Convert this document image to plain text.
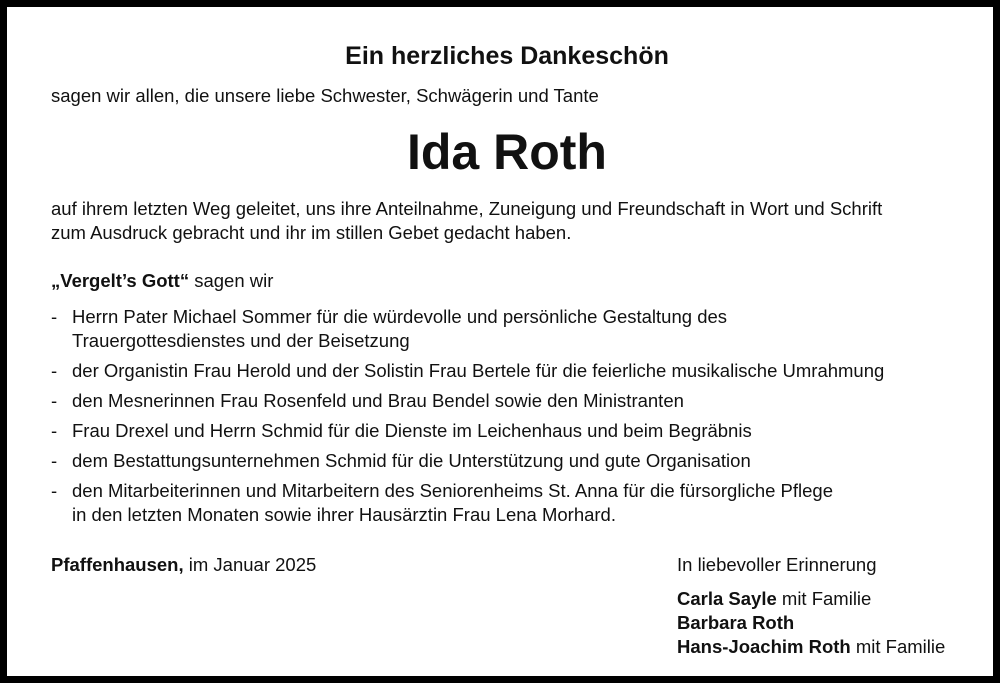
Ein herzliches Dankeschön
sagen wir allen, die unsere liebe Schwester, Schwägerin und Tante
Ida Roth
auf ihrem letzten Weg geleitet, uns ihre Anteilnahme, Zuneigung und Freundschaft in Wort und Schrift
zum Ausdruck gebracht und ihr im stillen Gebet gedacht haben.
„Vergelt’s Gott“ sagen wir
- Herrn Pater Michael Sommer für die würdevolle und persönliche Gestaltung des
Trauergottesdienstes und der Beisetzung
- der Organistin Frau Herold und der Solistin Frau Bertele für die feierliche musikalische Umrahmung
- den Mesnerinnen Frau Rosenfeld und Brau Bendel sowie den Ministranten
- Frau Drexel und Herrn Schmid für die Dienste im Leichenhaus und beim Begräbnis
- dem Bestattungsunternehmen Schmid für die Unterstützung und gute Organisation
- den Mitarbeiterinnen und Mitarbeitern des Seniorenheims St. Anna für die fürsorgliche Pflege
in den letzten Monaten sowie ihrer Hausärztin Frau Lena Morhard.
Pfaffenhausen, im Januar 2025	In liebevoller Erinnerung
Carla Sayle mit Familie
Barbara Roth
Hans-Joachim Roth mit Familie
